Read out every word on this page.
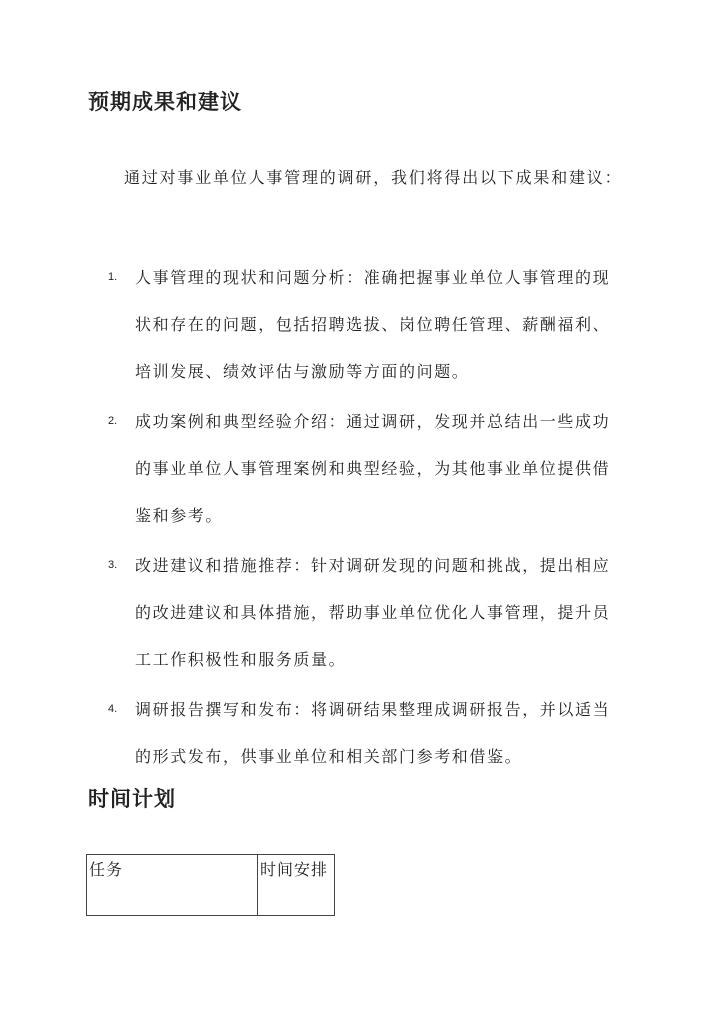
预期成果和建议

通过对事业单位人事管理的调研，我们将得出以下成果和建议：

1. 人事管理的现状和问题分析：准确把握事业单位人事管理的现状和存在的问题，包括招聘选拔、岗位聘任管理、薪酬福利、培训发展、绩效评估与激励等方面的问题。
2. 成功案例和典型经验介绍：通过调研，发现并总结出一些成功的事业单位人事管理案例和典型经验，为其他事业单位提供借鉴和参考。
3. 改进建议和措施推荐：针对调研发现的问题和挑战，提出相应的改进建议和具体措施，帮助事业单位优化人事管理，提升员工工作积极性和服务质量。
4. 调研报告撰写和发布：将调研结果整理成调研报告，并以适当的形式发布，供事业单位和相关部门参考和借鉴。
时间计划
任务	时间安排
